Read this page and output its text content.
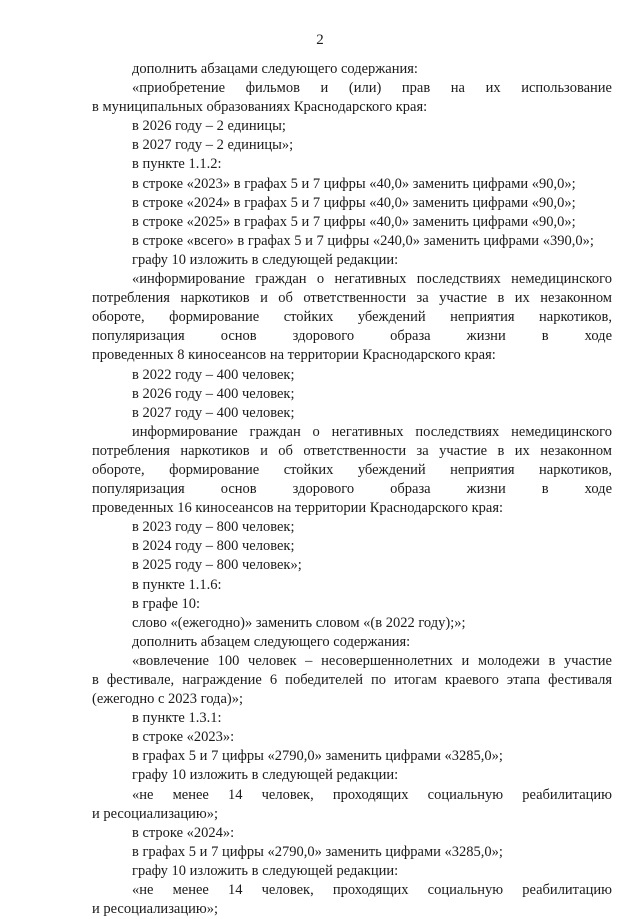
2
дополнить абзацами следующего содержания:
«приобретение фильмов и (или) прав на их использование
в муниципальных образованиях Краснодарского края:
в 2026 году – 2 единицы;
в 2027 году – 2 единицы»;
в пункте 1.1.2:
в строке «2023» в графах 5 и 7 цифры «40,0» заменить цифрами «90,0»;
в строке «2024» в графах 5 и 7 цифры «40,0» заменить цифрами «90,0»;
в строке «2025» в графах 5 и 7 цифры «40,0» заменить цифрами «90,0»;
в строке «всего» в графах 5 и 7 цифры «240,0» заменить цифрами «390,0»;
графу 10 изложить в следующей редакции:
«информирование граждан о негативных последствиях немедицинского
потребления наркотиков и об ответственности за участие в их незаконном
обороте, формирование стойких убеждений неприятия наркотиков,
популяризация основ здорового образа жизни в ходе
проведенных 8 киносеансов на территории Краснодарского края:
в 2022 году – 400 человек;
в 2026 году – 400 человек;
в 2027 году – 400 человек;
информирование граждан о негативных последствиях немедицинского
потребления наркотиков и об ответственности за участие в их незаконном
обороте, формирование стойких убеждений неприятия наркотиков,
популяризация основ здорового образа жизни в ходе
проведенных 16 киносеансов на территории Краснодарского края:
в 2023 году – 800 человек;
в 2024 году – 800 человек;
в 2025 году – 800 человек»;
в пункте 1.1.6:
в графе 10:
слово «(ежегодно)» заменить словом «(в 2022 году);»;
дополнить абзацем следующего содержания:
«вовлечение 100 человек – несовершеннолетних и молодежи в участие
в фестивале, награждение 6 победителей по итогам краевого этапа фестиваля
(ежегодно с 2023 года)»;
в пункте 1.3.1:
в строке «2023»:
в графах 5 и 7 цифры «2790,0» заменить цифрами «3285,0»;
графу 10 изложить в следующей редакции:
«не менее 14 человек, проходящих социальную реабилитацию
и ресоциализацию»;
в строке «2024»:
в графах 5 и 7 цифры «2790,0» заменить цифрами «3285,0»;
графу 10 изложить в следующей редакции:
«не менее 14 человек, проходящих социальную реабилитацию
и ресоциализацию»;
